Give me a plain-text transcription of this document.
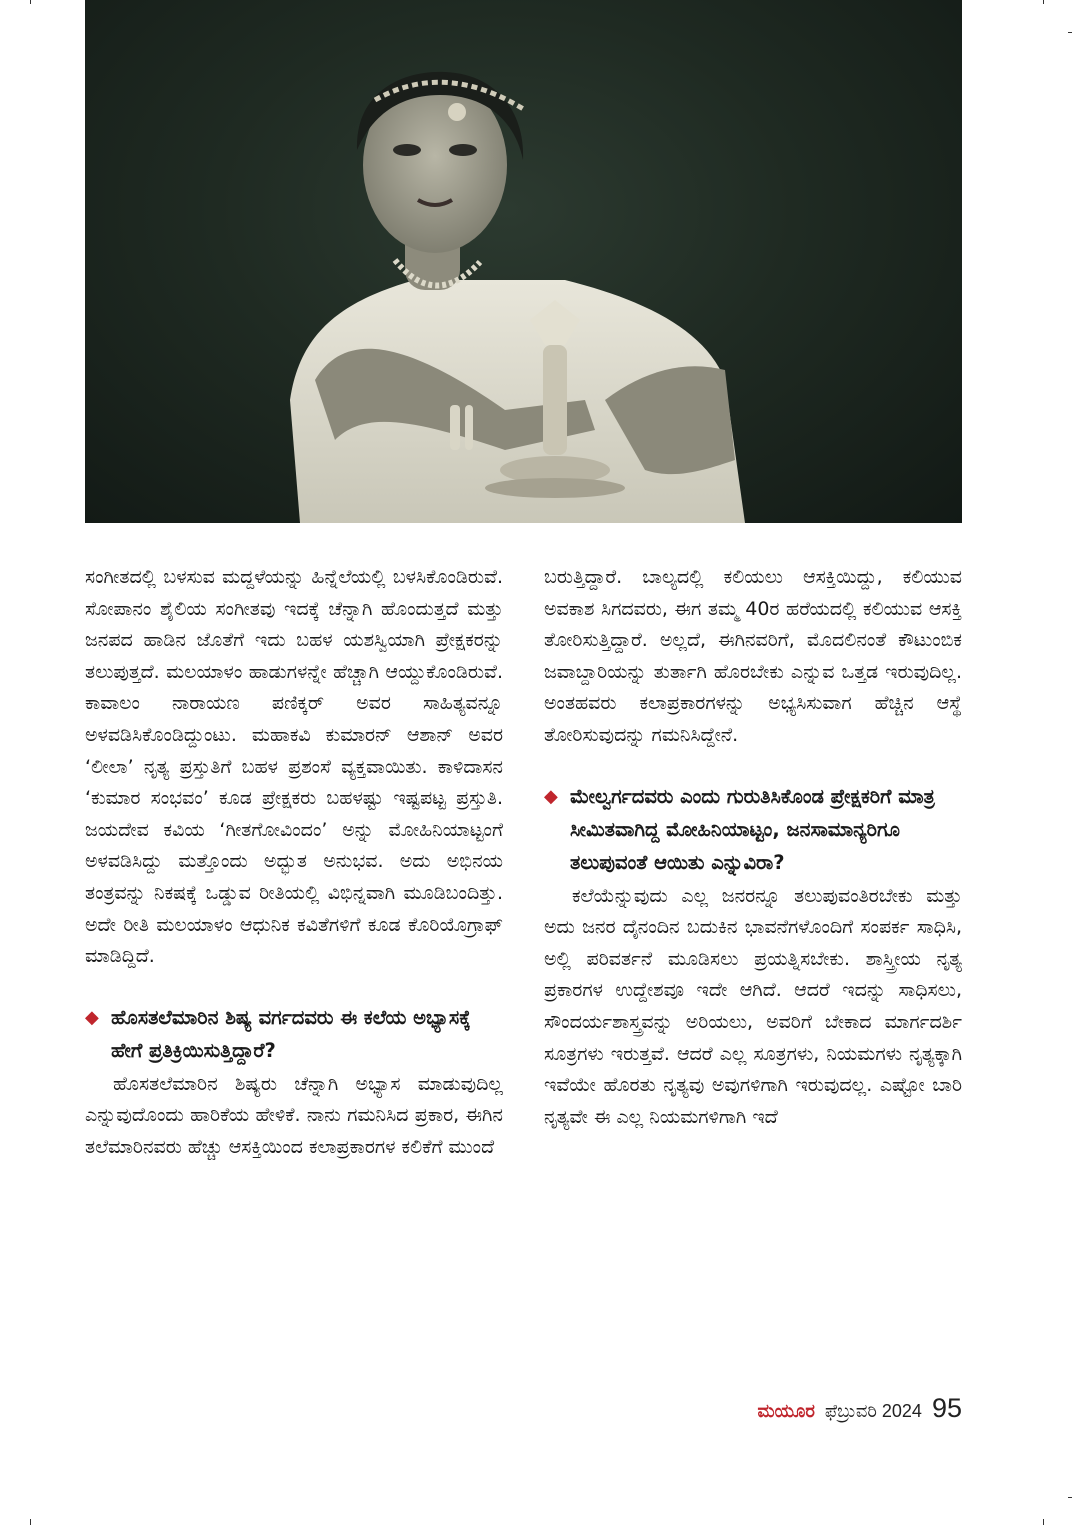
ಸಂಗೀತದಲ್ಲಿ ಬಳಸುವ ಮದ್ದಳೆಯನ್ನು ಹಿನ್ನೆಲೆಯಲ್ಲಿ ಬಳಸಿಕೊಂಡಿರುವೆ. ಸೋಪಾನಂ ಶೈಲಿಯ ಸಂಗೀತವು ಇದಕ್ಕೆ ಚೆನ್ನಾಗಿ ಹೊಂದುತ್ತದೆ ಮತ್ತು ಜನಪದ ಹಾಡಿನ ಜೊತೆಗೆ ಇದು ಬಹಳ ಯಶಸ್ವಿಯಾಗಿ ಪ್ರೇಕ್ಷಕರನ್ನು ತಲುಪುತ್ತದೆ. ಮಲಯಾಳಂ ಹಾಡುಗಳನ್ನೇ ಹೆಚ್ಚಾಗಿ ಆಯ್ದುಕೊಂಡಿರುವೆ. ಕಾವಾಲಂ ನಾರಾಯಣ ಪಣಿಕ್ಕರ್ ಅವರ ಸಾಹಿತ್ಯವನ್ನೂ ಅಳವಡಿಸಿಕೊಂಡಿದ್ದುಂಟು. ಮಹಾಕವಿ ಕುಮಾರನ್ ಆಶಾನ್ ಅವರ ‘ಲೀಲಾ’ ನೃತ್ಯ ಪ್ರಸ್ತುತಿಗೆ ಬಹಳ ಪ್ರಶಂಸೆ ವ್ಯಕ್ತವಾಯಿತು. ಕಾಳಿದಾಸನ ‘ಕುಮಾರ ಸಂಭವಂ’ ಕೂಡ ಪ್ರೇಕ್ಷಕರು ಬಹಳಷ್ಟು ಇಷ್ಟಪಟ್ಟ ಪ್ರಸ್ತುತಿ. ಜಯದೇವ ಕವಿಯ ‘ಗೀತಗೋವಿಂದಂ’ ಅನ್ನು ಮೋಹಿನಿಯಾಟ್ಟಂಗೆ ಅಳವಡಿಸಿದ್ದು ಮತ್ತೊಂದು ಅದ್ಭುತ ಅನುಭವ. ಅದು ಅಭಿನಯ ತಂತ್ರವನ್ನು ನಿಕಷಕ್ಕೆ ಒಡ್ಡುವ ರೀತಿಯಲ್ಲಿ ವಿಭಿನ್ನವಾಗಿ ಮೂಡಿಬಂದಿತ್ತು. ಅದೇ ರೀತಿ ಮಲಯಾಳಂ ಆಧುನಿಕ ಕವಿತೆಗಳಿಗೆ ಕೂಡ ಕೊರಿಯೊಗ್ರಾಫ್ ಮಾಡಿದ್ದಿದೆ.

◆ ಹೊಸತಲೆಮಾರಿನ ಶಿಷ್ಯ ವರ್ಗದವರು ಈ ಕಲೆಯ ಅಭ್ಯಾಸಕ್ಕೆ ಹೇಗೆ ಪ್ರತಿಕ್ರಿಯಿಸುತ್ತಿದ್ದಾರೆ?

ಹೊಸತಲೆಮಾರಿನ ಶಿಷ್ಯರು ಚೆನ್ನಾಗಿ ಅಭ್ಯಾಸ ಮಾಡುವುದಿಲ್ಲ ಎನ್ನುವುದೊಂದು ಹಾರಿಕೆಯ ಹೇಳಿಕೆ. ನಾನು ಗಮನಿಸಿದ ಪ್ರಕಾರ, ಈಗಿನ ತಲೆಮಾರಿನವರು ಹೆಚ್ಚು ಆಸಕ್ತಿಯಿಂದ ಕಲಾಪ್ರಕಾರಗಳ ಕಲಿಕೆಗೆ ಮುಂದೆ

ಬರುತ್ತಿದ್ದಾರೆ. ಬಾಲ್ಯದಲ್ಲಿ ಕಲಿಯಲು ಆಸಕ್ತಿಯಿದ್ದು, ಕಲಿಯುವ ಅವಕಾಶ ಸಿಗದವರು, ಈಗ ತಮ್ಮ 40ರ ಹರೆಯದಲ್ಲಿ ಕಲಿಯುವ ಆಸಕ್ತಿ ತೋರಿಸುತ್ತಿದ್ದಾರೆ. ಅಲ್ಲದೆ, ಈಗಿನವರಿಗೆ, ಮೊದಲಿನಂತೆ ಕೌಟುಂಬಿಕ ಜವಾಬ್ದಾರಿಯನ್ನು ತುರ್ತಾಗಿ ಹೊರಬೇಕು ಎನ್ನುವ ಒತ್ತಡ ಇರುವುದಿಲ್ಲ. ಅಂತಹವರು ಕಲಾಪ್ರಕಾರಗಳನ್ನು ಅಭ್ಯಸಿಸುವಾಗ ಹೆಚ್ಚಿನ ಆಸ್ಥೆ ತೋರಿಸುವುದನ್ನು ಗಮನಿಸಿದ್ದೇನೆ.

◆ ಮೇಲ್ವರ್ಗದವರು ಎಂದು ಗುರುತಿಸಿಕೊಂಡ ಪ್ರೇಕ್ಷಕರಿಗೆ ಮಾತ್ರ ಸೀಮಿತವಾಗಿದ್ದ ಮೋಹಿನಿಯಾಟ್ಟಂ, ಜನಸಾಮಾನ್ಯರಿಗೂ ತಲುಪುವಂತೆ ಆಯಿತು ಎನ್ನುವಿರಾ?

ಕಲೆಯೆನ್ನುವುದು ಎಲ್ಲ ಜನರನ್ನೂ ತಲುಪುವಂತಿರಬೇಕು ಮತ್ತು ಅದು ಜನರ ದೈನಂದಿನ ಬದುಕಿನ ಭಾವನೆಗಳೊಂದಿಗೆ ಸಂಪರ್ಕ ಸಾಧಿಸಿ, ಅಲ್ಲಿ ಪರಿವರ್ತನೆ ಮೂಡಿಸಲು ಪ್ರಯತ್ನಿಸಬೇಕು. ಶಾಸ್ತ್ರೀಯ ನೃತ್ಯ ಪ್ರಕಾರಗಳ ಉದ್ದೇಶವೂ ಇದೇ ಆಗಿದೆ. ಆದರೆ ಇದನ್ನು ಸಾಧಿಸಲು, ಸೌಂದರ್ಯಶಾಸ್ತ್ರವನ್ನು ಅರಿಯಲು, ಅವರಿಗೆ ಬೇಕಾದ ಮಾರ್ಗದರ್ಶಿ ಸೂತ್ರಗಳು ಇರುತ್ತವೆ. ಆದರೆ ಎಲ್ಲ ಸೂತ್ರಗಳು, ನಿಯಮಗಳು ನೃತ್ಯಕ್ಕಾಗಿ ಇವೆಯೇ ಹೊರತು ನೃತ್ಯವು ಅವುಗಳಿಗಾಗಿ ಇರುವುದಲ್ಲ. ಎಷ್ಟೋ ಬಾರಿ ನೃತ್ಯವೇ ಈ ಎಲ್ಲ ನಿಯಮಗಳಿಗಾಗಿ ಇದೆ

ಮಯೂರ ಫೆಬ್ರುವರಿ 2024 95
